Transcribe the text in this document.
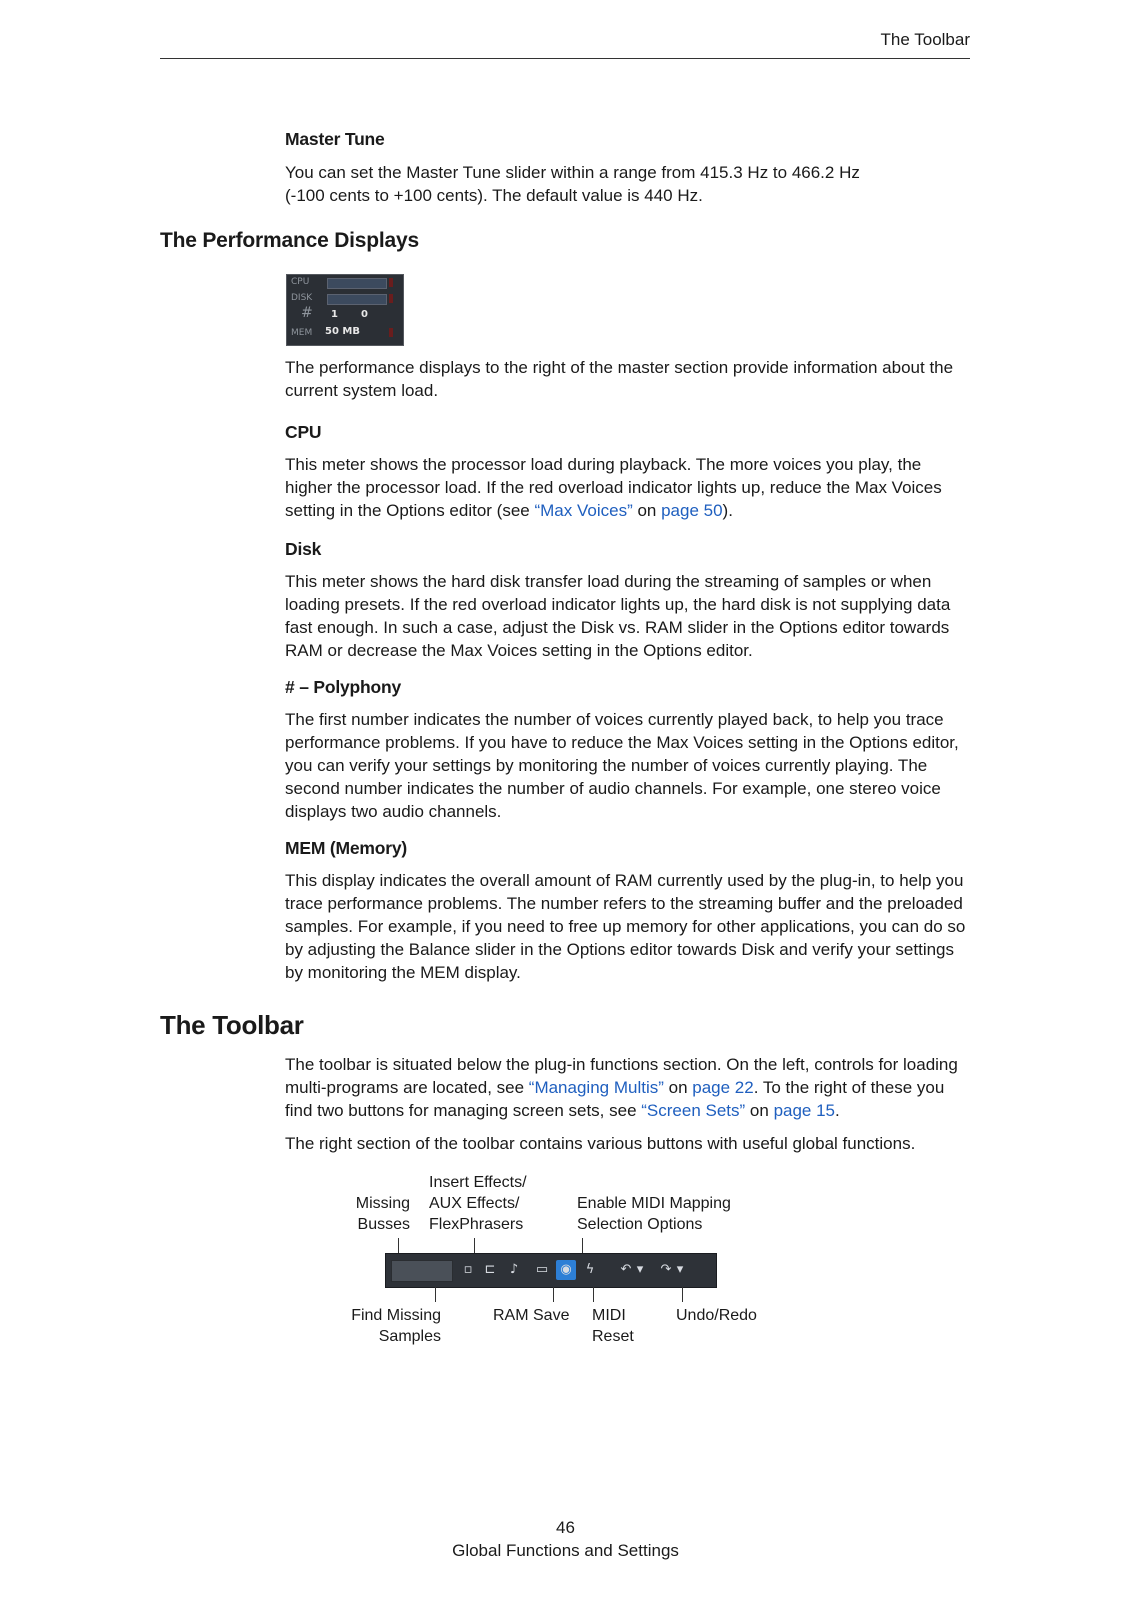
The Toolbar
Master Tune

You can set the Master Tune slider within a range from 415.3 Hz to 466.2 Hz

(-100 cents to +100 cents). The default value is 440 Hz.

The Performance Displays
CPU
DISK
# 1 0
MEM 50 MB
The performance displays to the right of the master section provide information about the current system load.
CPU
This meter shows the processor load during playback. The more voices you play, the higher the processor load. If the red overload indicator lights up, reduce the Max Voices setting in the Options editor (see “Max Voices” on page 50).
Disk
This meter shows the hard disk transfer load during the streaming of samples or when loading presets. If the red overload indicator lights up, the hard disk is not supplying data fast enough. In such a case, adjust the Disk vs. RAM slider in the Options editor towards RAM or decrease the Max Voices setting in the Options editor.
# – Polyphony
The first number indicates the number of voices currently played back, to help you trace performance problems. If you have to reduce the Max Voices setting in the Options editor, you can verify your settings by monitoring the number of voices currently playing. The second number indicates the number of audio channels. For example, one stereo voice displays two audio channels.
MEM (Memory)
This display indicates the overall amount of RAM currently used by the plug-in, to help you trace performance problems. The number refers to the streaming buffer and the preloaded samples. For example, if you need to free up memory for other applications, you can do so by adjusting the Balance slider in the Options editor towards Disk and verify your settings by monitoring the MEM display.
The Toolbar
The toolbar is situated below the plug-in functions section. On the left, controls for loading multi-programs are located, see “Managing Multis” on page 22. To the right of these you find two buttons for managing screen sets, see “Screen Sets” on page 15.
The right section of the toolbar contains various buttons with useful global functions.
Missing
Busses
Insert Effects/
AUX Effects/
FlexPhrasers
Enable MIDI Mapping
Selection Options
▫ ⊏	♪	▭ ◉	ϟ	↶ ▾	↷ ▾
Find Missing
Samples
RAM Save MIDI
Reset
Undo/Redo
46
Global Functions and Settings
